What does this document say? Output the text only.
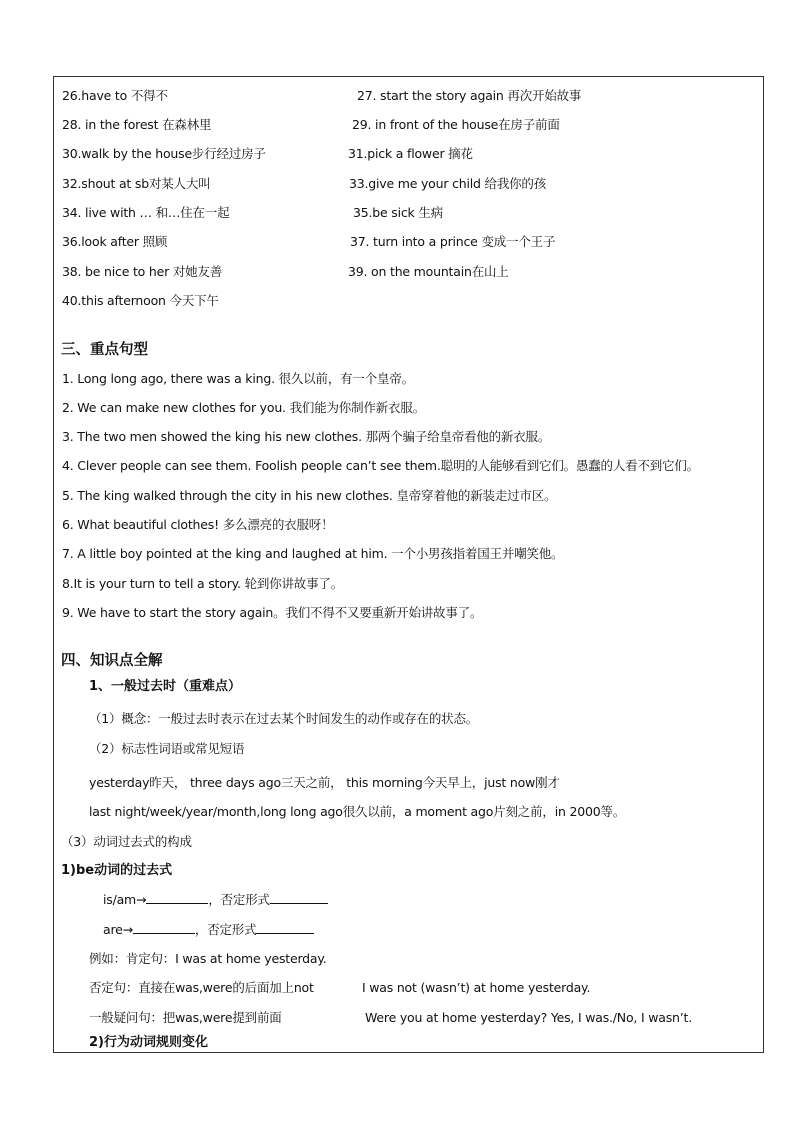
26.have to 不得不	27. start the story again 再次开始故事
28. in the forest 在森林里	29. in front of the house在房子前面
30.walk by the house步行经过房子	31.pick a flower 摘花
32.shout at sb对某人大叫	33.give me your child 给我你的孩
34. live with … 和…住在一起	35.be sick 生病
36.look after 照顾	37. turn into a prince 变成一个王子
38. be nice to her 对她友善	39. on the mountain在山上
40.this afternoon 今天下午
三、重点句型
1. Long long ago, there was a king. 很久以前，有一个皇帝。
2. We can make new clothes for you. 我们能为你制作新衣服。
3. The two men showed the king his new clothes. 那两个骗子给皇帝看他的新衣服。
4. Clever people can see them. Foolish people can’t see them.聪明的人能够看到它们。愚蠢的人看不到它们。
5. The king walked through the city in his new clothes. 皇帝穿着他的新装走过市区。
6. What beautiful clothes! 多么漂亮的衣服呀！
7. A little boy pointed at the king and laughed at him. 一个小男孩指着国王并嘲笑他。
8.It is your turn to tell a story. 轮到你讲故事了。
9. We have to start the story again。我们不得不又要重新开始讲故事了。
四、知识点全解
1、一般过去时（重难点）
（1）概念：一般过去时表示在过去某个时间发生的动作或存在的状态。
（2）标志性词语或常见短语
yesterday昨天， three days ago三天之前， this morning今天早上，just now刚才
last night/week/year/month,long long ago很久以前，a moment ago片刻之前，in 2000等。
（3）动词过去式的构成
1)be动词的过去式
is/am→	，否定形式
are→	，否定形式
例如：肯定句：I was at home yesterday.
否定句：直接在was,were的后面加上not	I was not (wasn’t) at home yesterday.
一般疑问句：把was,were提到前面	Were you at home yesterday? Yes, I was./No, I wasn’t.
2)行为动词规则变化
